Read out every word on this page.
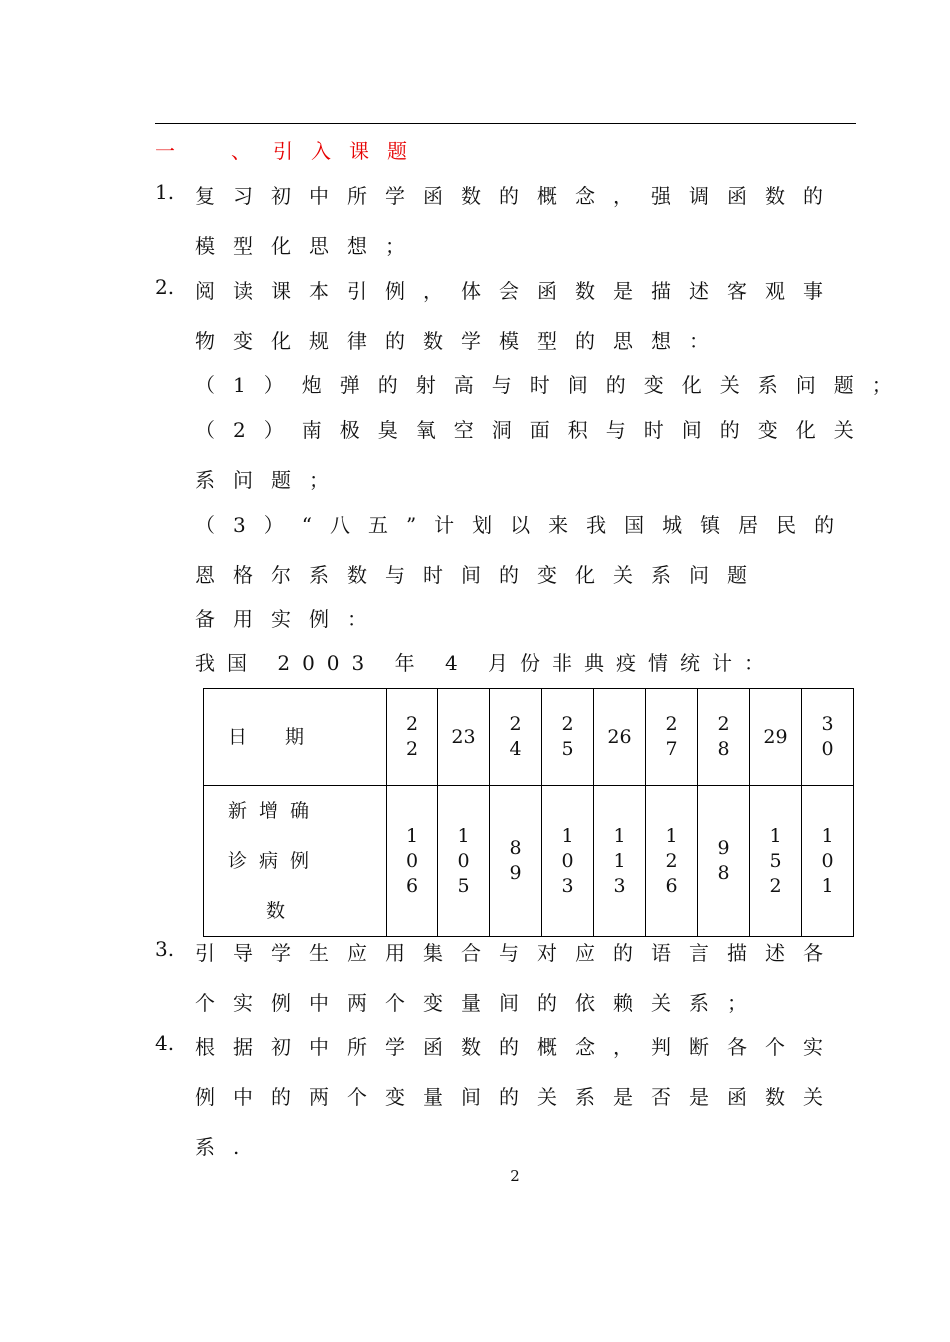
一　、 引入课题
1. 复习初中所学函数的概念，强调函数的
模型化思想；
2. 阅读课本引例，体会函数是描述客观事
物变化规律的数学模型的思想：
（1）炮弹的射高与时间的变化关系问题；
（2）南极臭氧空洞面积与时间的变化关
系问题；
（3）“八五”计划以来我国城镇居民的
恩格尔系数与时间的变化关系问题
备用实例：
我国 2003 年 4 月份非典疫情统计：
日　　期	22	23	24	25	26	27	28	29	30

新增确
诊病例
数	106	105	89	103	113	126	98	152	101
3. 引导学生应用集合与对应的语言描述各
个实例中两个变量间的依赖关系；
4. 根据初中所学函数的概念，判断各个实
例中的两个变量间的关系是否是函数关
系.
2
